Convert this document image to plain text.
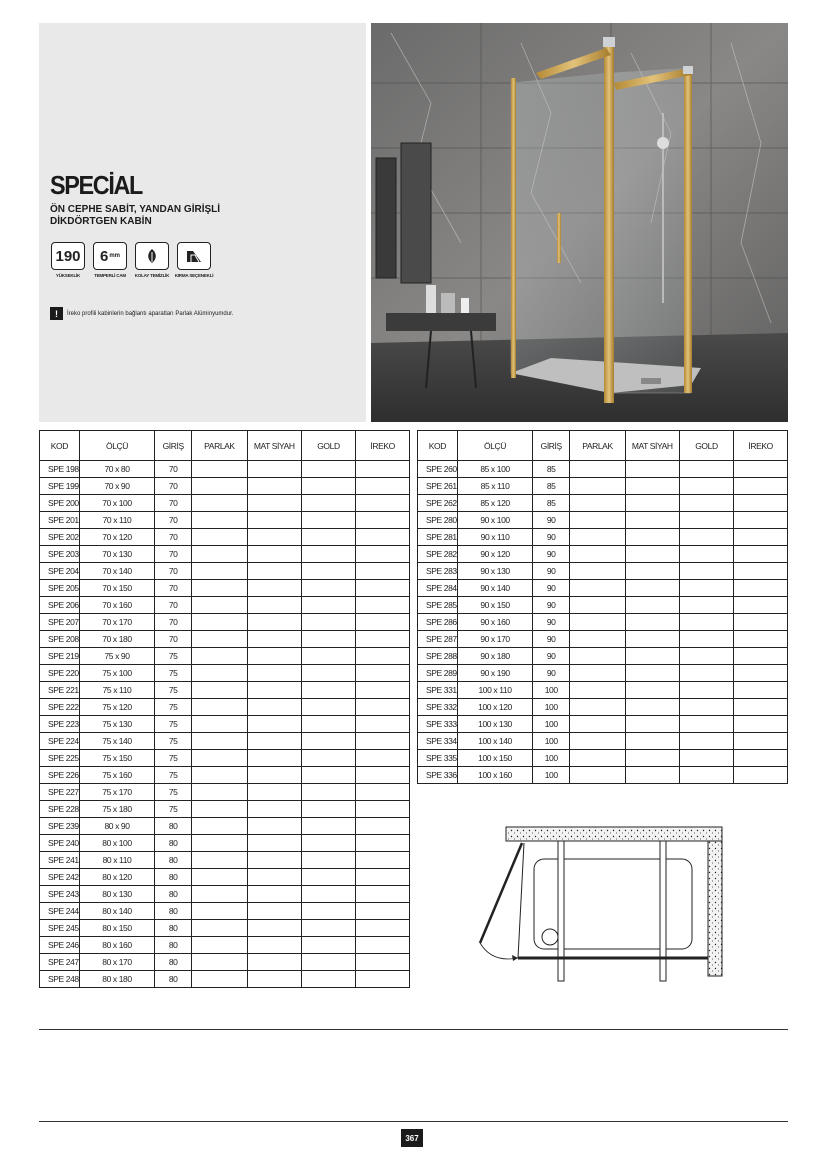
SPECİAL
ÖN CEPHE SABİT, YANDAN GİRİŞLİ
DİKDÖRTGEN KABİN
190
YÜKSEKLİK
6 mm
TEMPERLİ CAM KOLAY TEMİZLİK KIRMA SEÇENEKLİ
!	İreko profili kabinlerin bağlantı aparatları Parlak Alüminyumdur.
KOD	ÖLÇÜ	GİRİŞ	PARLAK	MAT SİYAH	GOLD	İREKO
SPE 198	70 x 80	70				
SPE 199	70 x 90	70				
SPE 200	70 x 100	70				
SPE 201	70 x 110	70				
SPE 202	70 x 120	70				
SPE 203	70 x 130	70				
SPE 204	70 x 140	70				
SPE 205	70 x 150	70				
SPE 206	70 x 160	70				
SPE 207	70 x 170	70				
SPE 208	70 x 180	70				
SPE 219	75 x 90	75				
SPE 220	75 x 100	75				
SPE 221	75 x 110	75				
SPE 222	75 x 120	75				
SPE 223	75 x 130	75				
SPE 224	75 x 140	75				
SPE 225	75 x 150	75				
SPE 226	75 x 160	75				
SPE 227	75 x 170	75				
SPE 228	75 x 180	75				
SPE 239	80 x 90	80				
SPE 240	80 x 100	80				
SPE 241	80 x 110	80				
SPE 242	80 x 120	80				
SPE 243	80 x 130	80				
SPE 244	80 x 140	80				
SPE 245	80 x 150	80				
SPE 246	80 x 160	80				
SPE 247	80 x 170	80				
SPE 248	80 x 180	80				
KOD	ÖLÇÜ	GİRİŞ	PARLAK	MAT SİYAH	GOLD	İREKO
SPE 260	85 x 100	85				
SPE 261	85 x 110	85				
SPE 262	85 x 120	85				
SPE 280	90 x 100	90				
SPE 281	90 x 110	90				
SPE 282	90 x 120	90				
SPE 283	90 x 130	90				
SPE 284	90 x 140	90				
SPE 285	90 x 150	90				
SPE 286	90 x 160	90				
SPE 287	90 x 170	90				
SPE 288	90 x 180	90				
SPE 289	90 x 190	90				
SPE 331	100 x 110	100				
SPE 332	100 x 120	100				
SPE 333	100 x 130	100				
SPE 334	100 x 140	100				
SPE 335	100 x 150	100				
SPE 336	100 x 160	100				
367
